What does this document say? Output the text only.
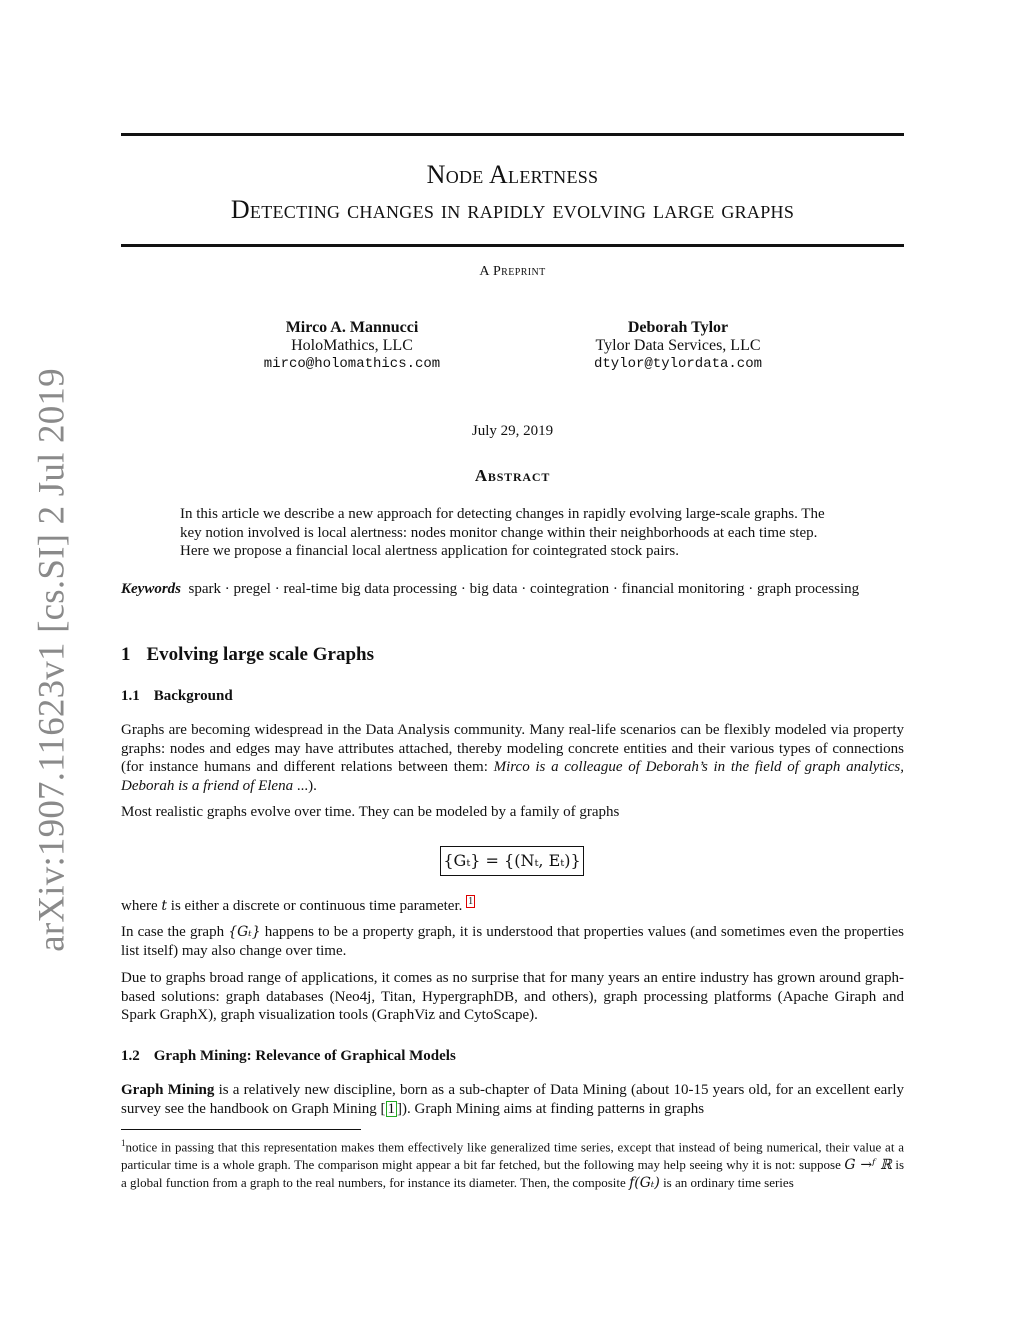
arXiv:1907.11623v1 [cs.SI] 2 Jul 2019
Node Alertness
Detecting changes in rapidly evolving large graphs
A Preprint
Mirco A. Mannucci
HoloMathics, LLC
mirco@holomathics.com
Deborah Tylor
Tylor Data Services, LLC
dtylor@tylordata.com
July 29, 2019
Abstract
In this article we describe a new approach for detecting changes in rapidly evolving large-scale graphs. The key notion involved is local alertness: nodes monitor change within their neighborhoods at each time step. Here we propose a financial local alertness application for cointegrated stock pairs.
Keywords spark · pregel · real-time big data processing · big data · cointegration · financial monitoring · graph processing
1 Evolving large scale Graphs
1.1 Background
Graphs are becoming widespread in the Data Analysis community. Many real-life scenarios can be flexibly modeled via property graphs: nodes and edges may have attributes attached, thereby modeling concrete entities and their various types of connections (for instance humans and different relations between them: Mirco is a colleague of Deborah’s in the field of graph analytics, Deborah is a friend of Elena ...).
Most realistic graphs evolve over time. They can be modeled by a family of graphs
{Gₜ} = {(Nₜ, Eₜ)}
where t is either a discrete or continuous time parameter. 1
In case the graph {Gₜ} happens to be a property graph, it is understood that properties values (and sometimes even the properties list itself) may also change over time.
Due to graphs broad range of applications, it comes as no surprise that for many years an entire industry has grown around graph-based solutions: graph databases (Neo4j, Titan, HypergraphDB, and others), graph processing platforms (Apache Giraph and Spark GraphX), graph visualization tools (GraphViz and CytoScape).
1.2 Graph Mining: Relevance of Graphical Models
Graph Mining is a relatively new discipline, born as a sub-chapter of Data Mining (about 10-15 years old, for an excellent early survey see the handbook on Graph Mining [ 1 ]). Graph Mining aims at finding patterns in graphs
$^1$notice in passing that this representation makes them effectively like generalized time series, except that instead of being numerical, their value at a particular time is a whole graph. The comparison might appear a bit far fetched, but the following may help seeing why it is not: suppose G →ᶠ ℝ is a global function from a graph to the real numbers, for instance its diameter. Then, the composite f(Gₜ) is an ordinary time series
